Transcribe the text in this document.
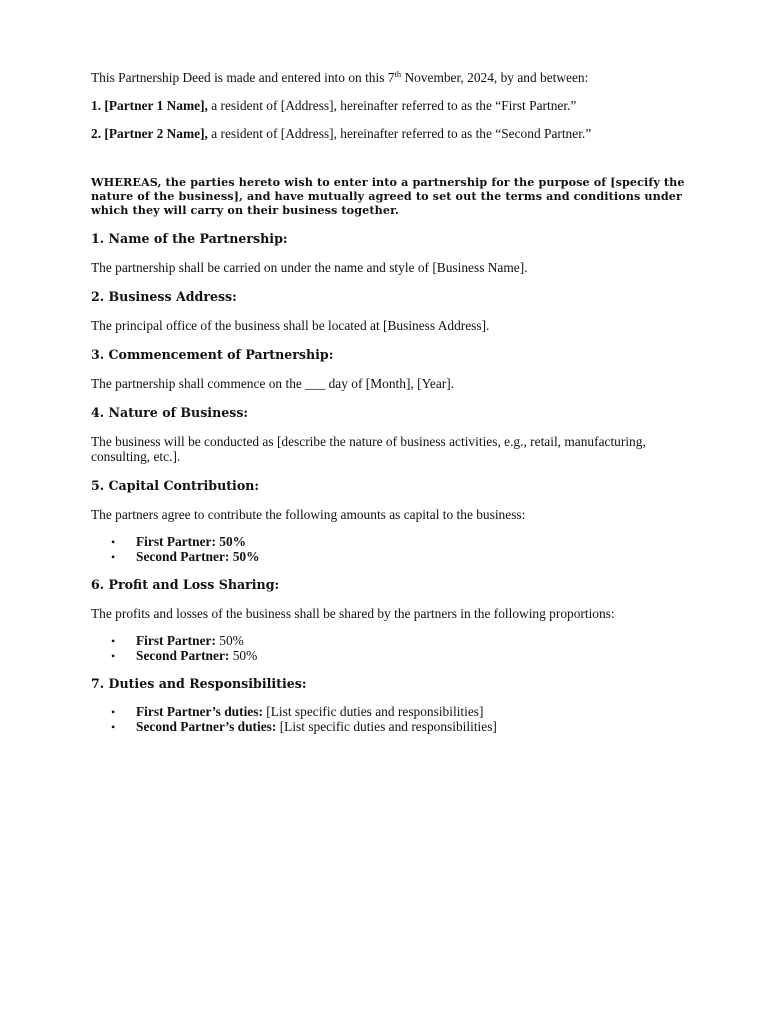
This Partnership Deed is made and entered into on this 7th November, 2024, by and between:

1. [Partner 1 Name], a resident of [Address], hereinafter referred to as the “First Partner.”

2. [Partner 2 Name], a resident of [Address], hereinafter referred to as the “Second Partner.”

WHEREAS, the parties hereto wish to enter into a partnership for the purpose of [specify the nature of the business], and have mutually agreed to set out the terms and conditions under which they will carry on their business together.

1. Name of the Partnership:

The partnership shall be carried on under the name and style of [Business Name].

2. Business Address:

The principal office of the business shall be located at [Business Address].

3. Commencement of Partnership:

The partnership shall commence on the ___ day of [Month], [Year].

4. Nature of Business:

The business will be conducted as [describe the nature of business activities, e.g., retail, manufacturing, consulting, etc.].

5. Capital Contribution:

The partners agree to contribute the following amounts as capital to the business:

• First Partner: 50%
• Second Partner: 50%
6. Profit and Loss Sharing:

The profits and losses of the business shall be shared by the partners in the following proportions:

• First Partner: 50%
• Second Partner: 50%
7. Duties and Responsibilities:
• First Partner’s duties: [List specific duties and responsibilities]
• Second Partner’s duties: [List specific duties and responsibilities]
